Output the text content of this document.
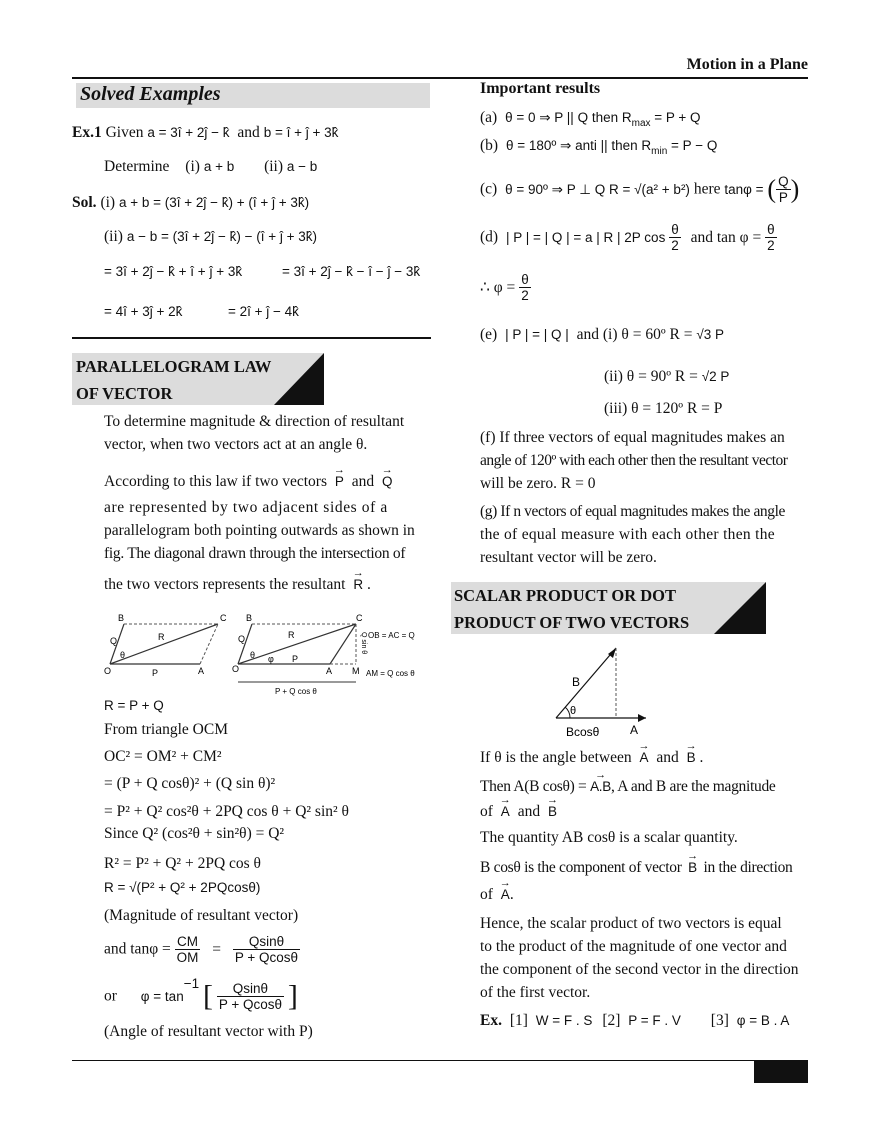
Motion in a Plane
Solved Examples
Ex.1 Given a = 3î + 2ĵ − k̂ and b = î + ĵ + 3k̂
Determine (i) a + b (ii) a − b
Sol. (i) a + b = (3î + 2ĵ − k̂) + (î + ĵ + 3k̂)
(ii) a − b = (3î + 2ĵ − k̂) − (î + ĵ + 3k̂)
= 3î + 2ĵ − k̂ + î + ĵ + 3k̂	= 3î + 2ĵ − k̂ − î − ĵ − 3k̂
= 4î + 3ĵ + 2k̂	= 2î + ĵ − 4k̂
PARALLELOGRAM LAW
OF VECTOR
To determine magnitude & direction of resultant
vector, when two vectors act at an angle θ.
According to this law if two vectors → P and → Q
are represented by two adjacent sides of a
parallelogram both pointing outwards as shown in
fig. The diagonal drawn through the intersection of
the two vectors represents the resultant → R .
B	C
O	A
R
P
Q
θ
B	C
O	A M
R
P
Q
θ φ
Q sin θ OB = AC = Q
AM = Q cos θ
P + Q cos θ
R = P + Q
From triangle OCM
OC² = OM² + CM²
= (P + Q cosθ)² + (Q sin θ)²
= P² + Q² cos²θ + 2PQ cos θ + Q² sin² θ
Since Q² (cos²θ + sin²θ) = Q²
R² = P² + Q² + 2PQ cos θ
R = √(P² + Q² + 2PQcosθ)
(Magnitude of resultant vector)
and $\tan\varphi = \frac{CM}{OM} = \frac{Qsin\theta}{P + Qcos\theta}$
or $\varphi = \tan^{-1}$ [ $\frac{Qsin\theta}{P + Qcos\theta}$ ]
(Angle of resultant vector with P)
Important results
(a) θ = 0 ⇒ P || Q then $R_{max} = P + Q$
(b) θ = 180º ⇒ anti || then $R_{min} = P - Q$
(c) θ = 90º ⇒ P ⊥ Q R = √(a² + b²) here tanφ = ( $\frac{Q}{P}$ )
(d) | P | = | Q | = a | R | 2P $\cos \frac{\theta}{2}$ and $\tan \varphi = \frac{\theta}{2}$
∴ $\varphi = \frac{\theta}{2}$
(e) | P | = | Q | and (i) θ = 60º R = √3 P
(ii) θ = 90º R = √2 P
(iii) θ = 120º R = P
(f) If three vectors of equal magnitudes makes an
angle of 120º with each other then the resultant vector
will be zero. R = 0
(g) If n vectors of equal magnitudes makes the angle
the of equal measure with each other then the
resultant vector will be zero.
SCALAR PRODUCT OR DOT
PRODUCT OF TWO VECTORS
B
θ
Bcosθ	A
If θ is the angle between → A and → B .
Then A(B cosθ) = → A.B, A and B are the magnitude
of → A and → B
The quantity AB cosθ is a scalar quantity.
B cosθ is the component of vector → B in the direction
of → A.
Hence, the scalar product of two vectors is equal
to the product of the magnitude of one vector and
the component of the second vector in the direction
of the first vector.
Ex. [1] W = F . S [2] P = F . V [3] φ = B . A
